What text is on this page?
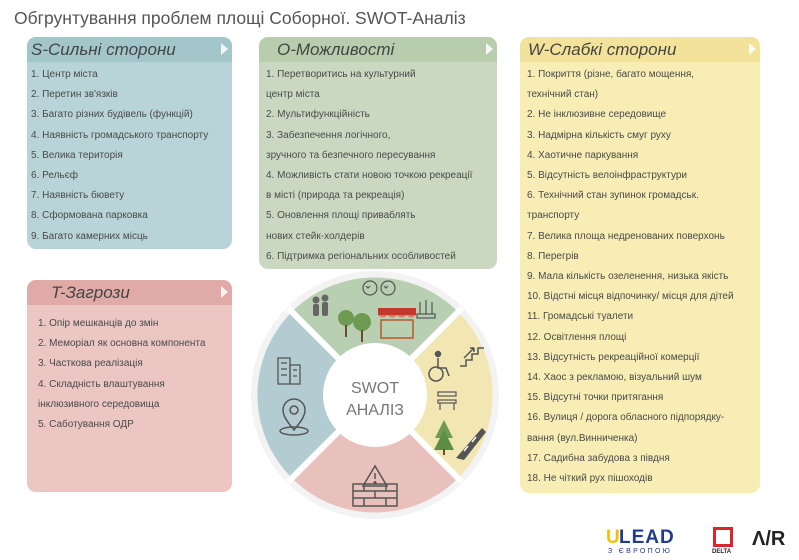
Обгрунтування проблем площі Соборної. SWOT-Аналіз
S-Сильні сторони
1. Центр міста
2. Перетин зв'язків
3. Багато різних будівель (функцій)
4. Наявність громадського транспорту
5. Велика територія
6. Рельєф
7. Наявність бювету
8. Сформована парковка
9. Багато камерних місць
O-Можливості
1. Перетворитись на культурний
центр міста
2. Мультифункційність
3. Забезпечення логічного,
зручного та безпечного пересування
4. Можливість стати новою точкою рекреації
в місті (природа та рекреація)
5. Оновлення площі приваблять
нових стейк-холдерів
6. Підтримка регіональних особливостей
W-Слабкі сторони
1. Покриття (різне, багато мощення,
технічний стан)
2. Не інклюзивне середовище
3. Надмірна кількість смуг руху
4. Хаотичне паркування
5. Відсутність велоінфраструктури
6. Технічний стан зупинок громадськ.
транспорту
7. Велика площа недренованих поверхонь
8. Перегрів
9. Мала кількість озеленення, низька якість
10. Відстні місця відпочинку/ місця для дітей
11. Громадські туалети
12. Освітлення площі
13. Відсутність рекреаційної комерції
14. Хаос з рекламою, візуальний шум
15. Відсутні точки притягання
16. Вулиця / дорога обласного підпорядку-
вання (вул.Винниченка)
17. Садибна забудова з півдня
18. Не чіткий рух пішоходів
T-Загрози
1. Опір мешканців до змін
2. Меморіал як основна компонента
3. Часткова реалізація
4. Складність влаштування
інклюзивного середовища
5. Саботування ОДР
SWOT
АНАЛІЗ
U LEAD
З ЄВРОПОЮ	DELTA
Λ/R
